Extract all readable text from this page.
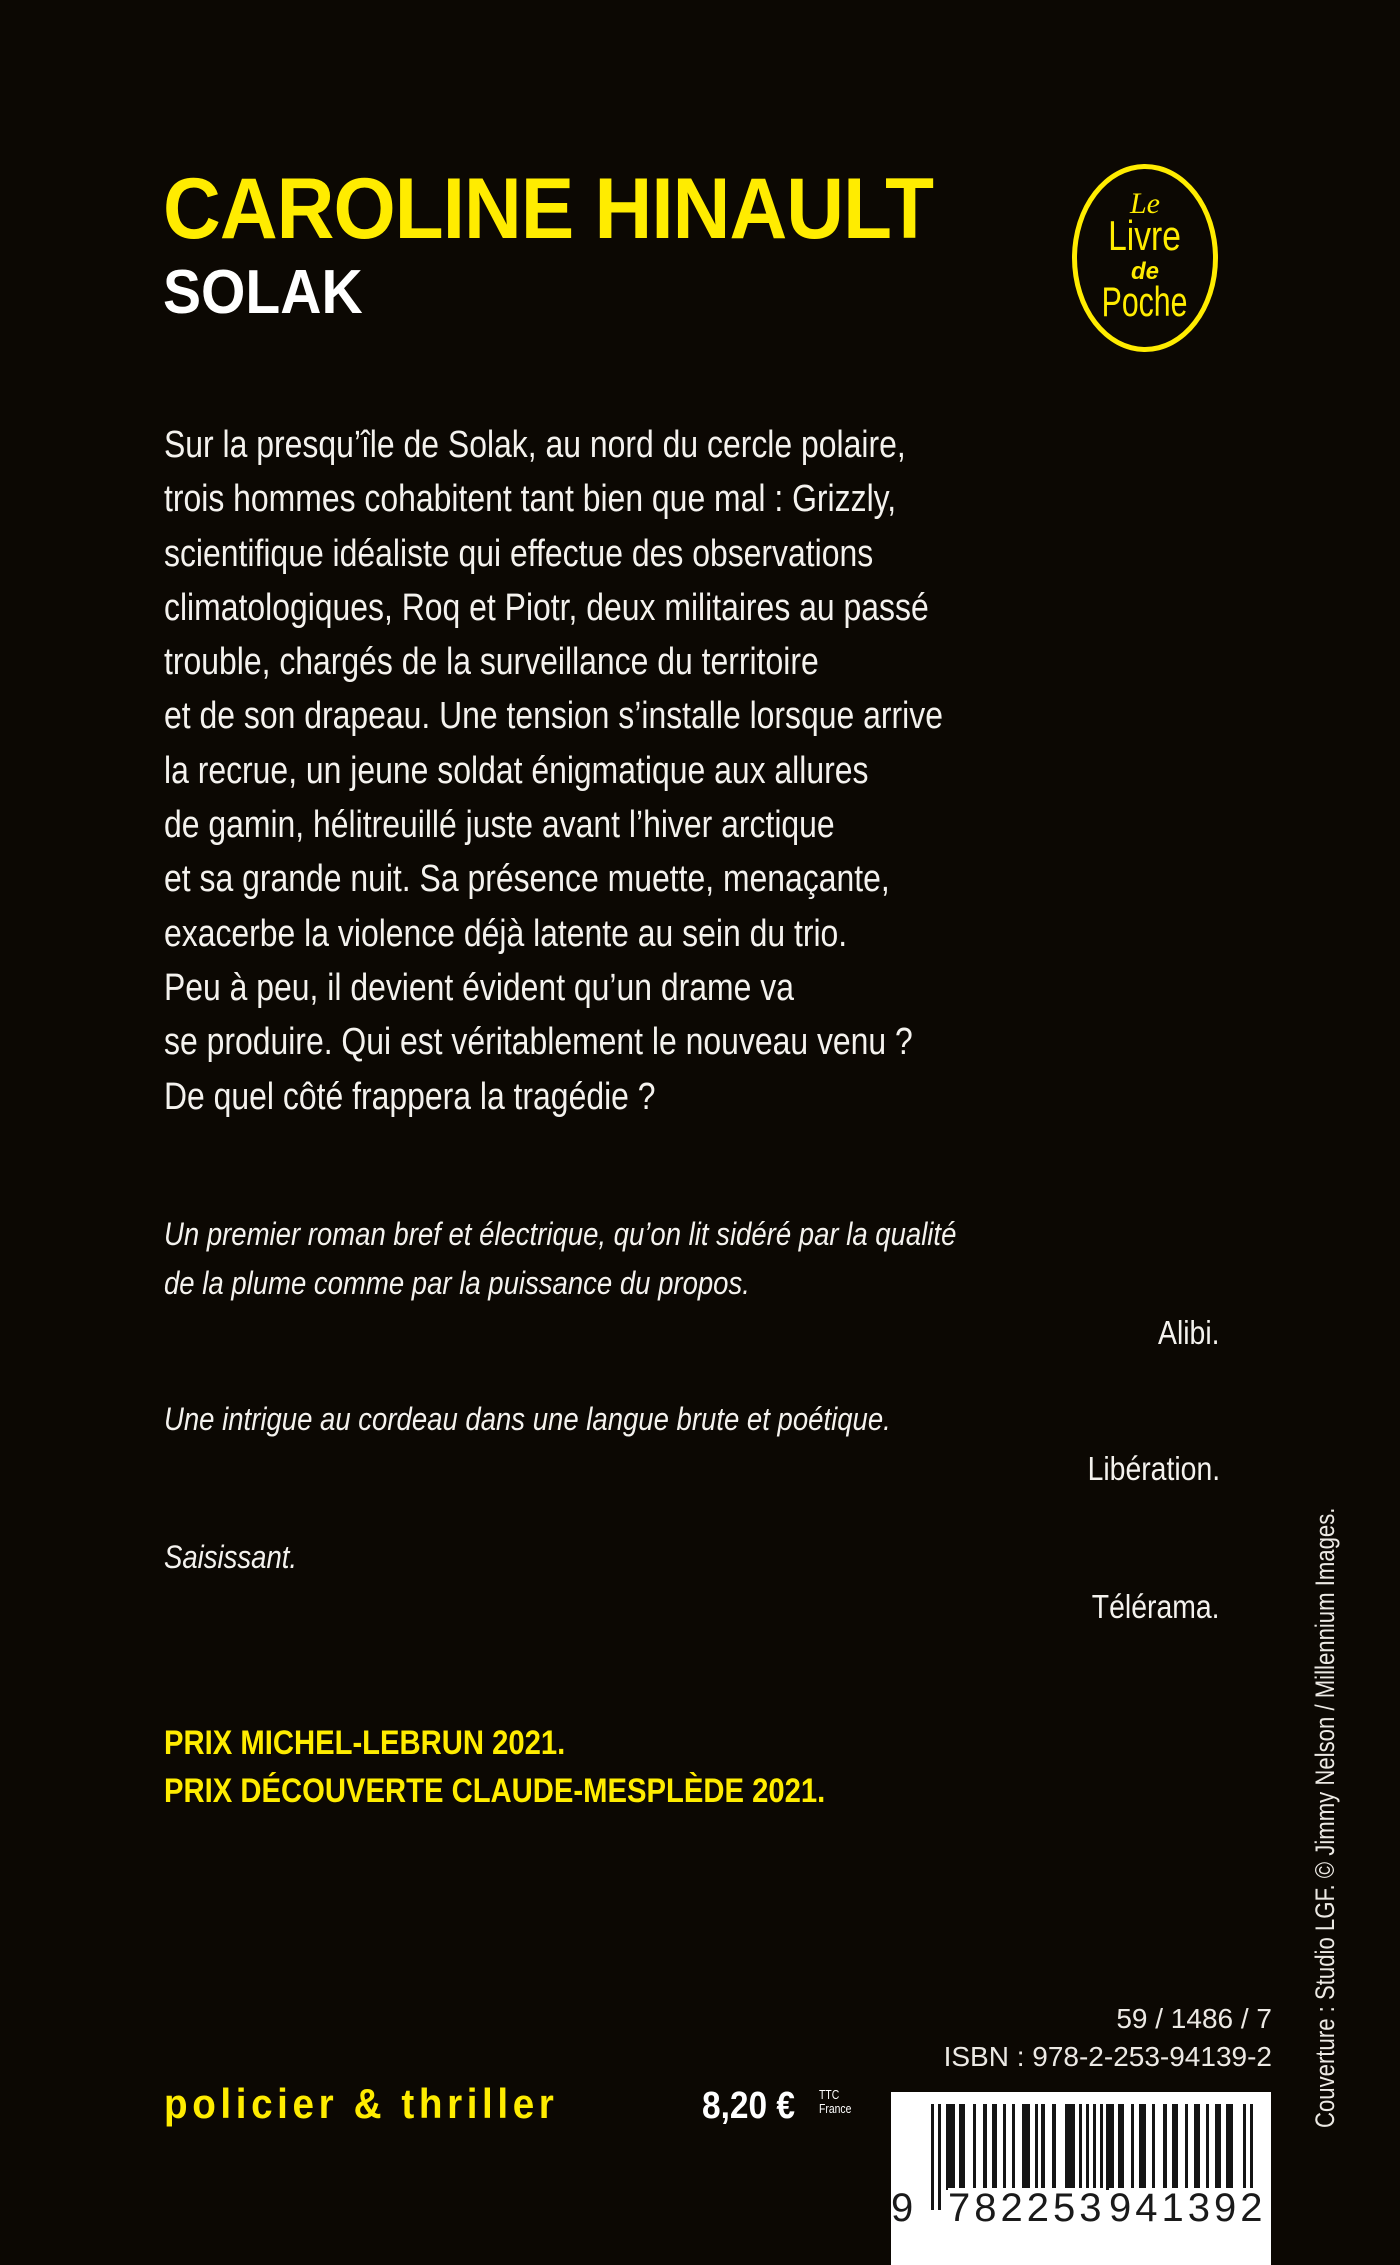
CAROLINE HINAULT
SOLAK
Le
Livre
de
Poche
Sur la presqu’île de Solak, au nord du cercle polaire,
trois hommes cohabitent tant bien que mal : Grizzly,
scientifique idéaliste qui effectue des observations
climatologiques, Roq et Piotr, deux militaires au passé
trouble, chargés de la surveillance du territoire
et de son drapeau. Une tension s’installe lorsque arrive
la recrue, un jeune soldat énigmatique aux allures
de gamin, hélitreuillé juste avant l’hiver arctique
et sa grande nuit. Sa présence muette, menaçante,
exacerbe la violence déjà latente au sein du trio.
Peu à peu, il devient évident qu’un drame va
se produire. Qui est véritablement le nouveau venu ?
De quel côté frappera la tragédie ?
Un premier roman bref et électrique, qu’on lit sidéré par la qualité
de la plume comme par la puissance du propos.
Alibi.
Une intrigue au cordeau dans une langue brute et poétique.
Libération.
Saisissant.
Télérama.
PRIX MICHEL-LEBRUN 2021.
PRIX DÉCOUVERTE CLAUDE-MESPLÈDE 2021.	Couverture : Studio LGF. © Jimmy Nelson / Millennium Images.
59 / 1486 / 7
ISBN : 978-2-253-94139-2
policier & thriller	8,20 €	TTC
France
9 782253 941392
